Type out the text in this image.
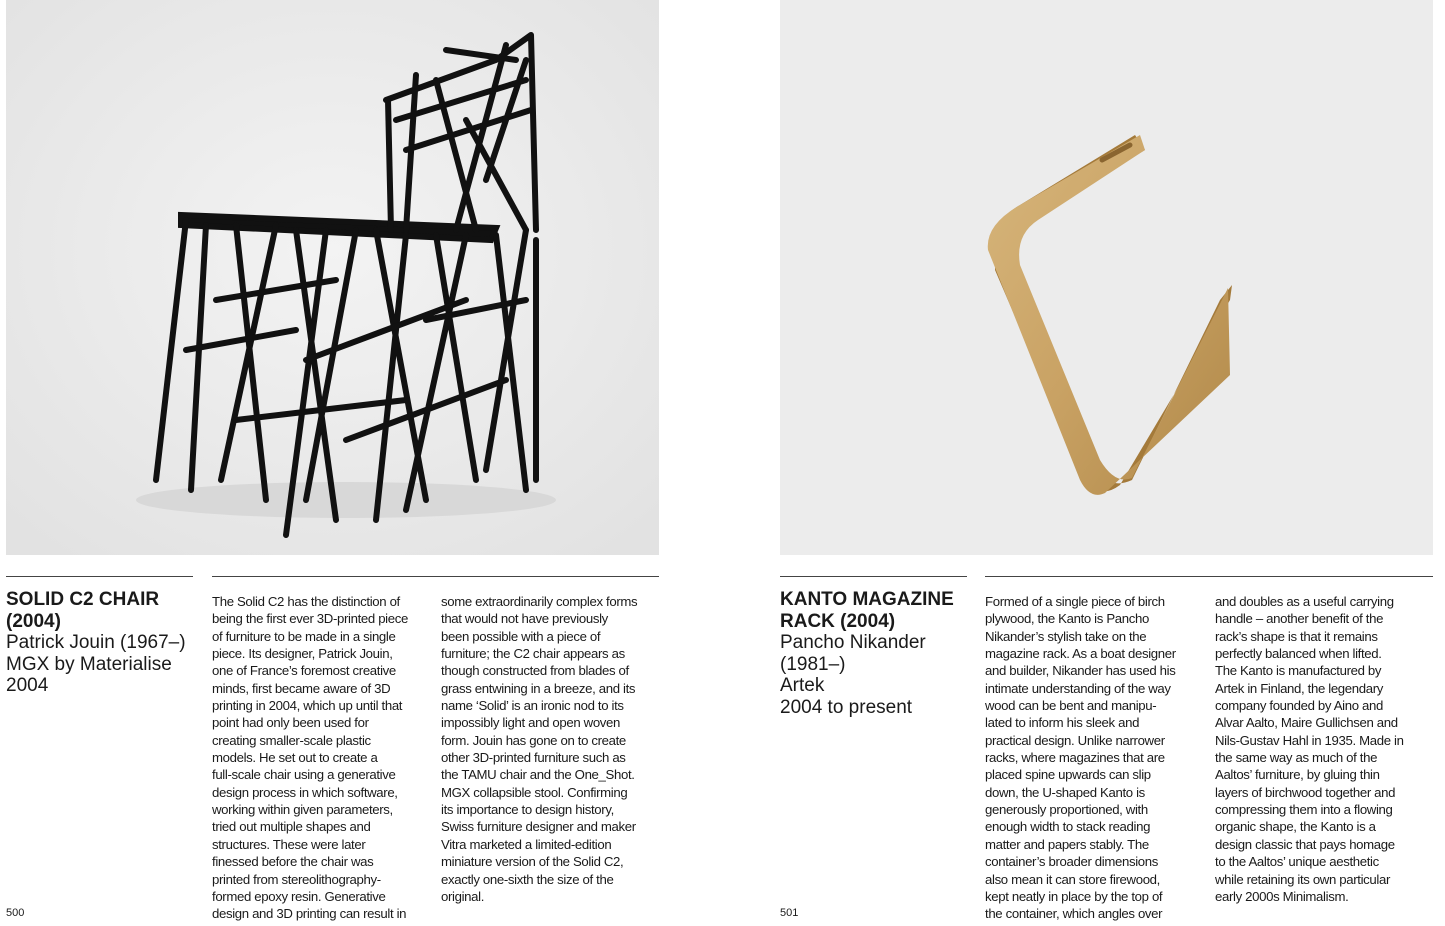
SOLID C2 CHAIR
(2004)
Patrick Jouin (1967–)
MGX by Materialise
2004
KANTO MAGAZINE
RACK (2004)
Pancho Nikander
(1981–)
Artek
2004 to present
The Solid C2 has the distinction of
being the first ever 3D-printed piece
of furniture to be made in a single
piece. Its designer, Patrick Jouin,
one of France’s foremost creative
minds, first became aware of 3D
printing in 2004, which up until that
point had only been used for
creating smaller-scale plastic
models. He set out to create a
full-scale chair using a generative
design process in which software,
working within given parameters,
tried out multiple shapes and
structures. These were later
finessed before the chair was
printed from stereolithography-
formed epoxy resin. Generative
design and 3D printing can result in
some extraordinarily complex forms
that would not have previously
been possible with a piece of
furniture; the C2 chair appears as
though constructed from blades of
grass entwining in a breeze, and its
name ‘Solid’ is an ironic nod to its
impossibly light and open woven
form. Jouin has gone on to create
other 3D-printed furniture such as
the TAMU chair and the One_Shot.
MGX collapsible stool. Confirming
its importance to design history,
Swiss furniture designer and maker
Vitra marketed a limited-edition
miniature version of the Solid C2,
exactly one-sixth the size of the
original.
Formed of a single piece of birch
plywood, the Kanto is Pancho
Nikander’s stylish take on the
magazine rack. As a boat designer
and builder, Nikander has used his
intimate understanding of the way
wood can be bent and manipu-
lated to inform his sleek and
practical design. Unlike narrower
racks, where magazines that are
placed spine upwards can slip
down, the U-shaped Kanto is
generously proportioned, with
enough width to stack reading
matter and papers stably. The
container’s broader dimensions
also mean it can store firewood,
kept neatly in place by the top of
the container, which angles over
and doubles as a useful carrying
handle – another benefit of the
rack’s shape is that it remains
perfectly balanced when lifted.
The Kanto is manufactured by
Artek in Finland, the legendary
company founded by Aino and
Alvar Aalto, Maire Gullichsen and
Nils-Gustav Hahl in 1935. Made in
the same way as much of the
Aaltos’ furniture, by gluing thin
layers of birchwood together and
compressing them into a flowing
organic shape, the Kanto is a
design classic that pays homage
to the Aaltos’ unique aesthetic
while retaining its own particular
early 2000s Minimalism.
500	501
